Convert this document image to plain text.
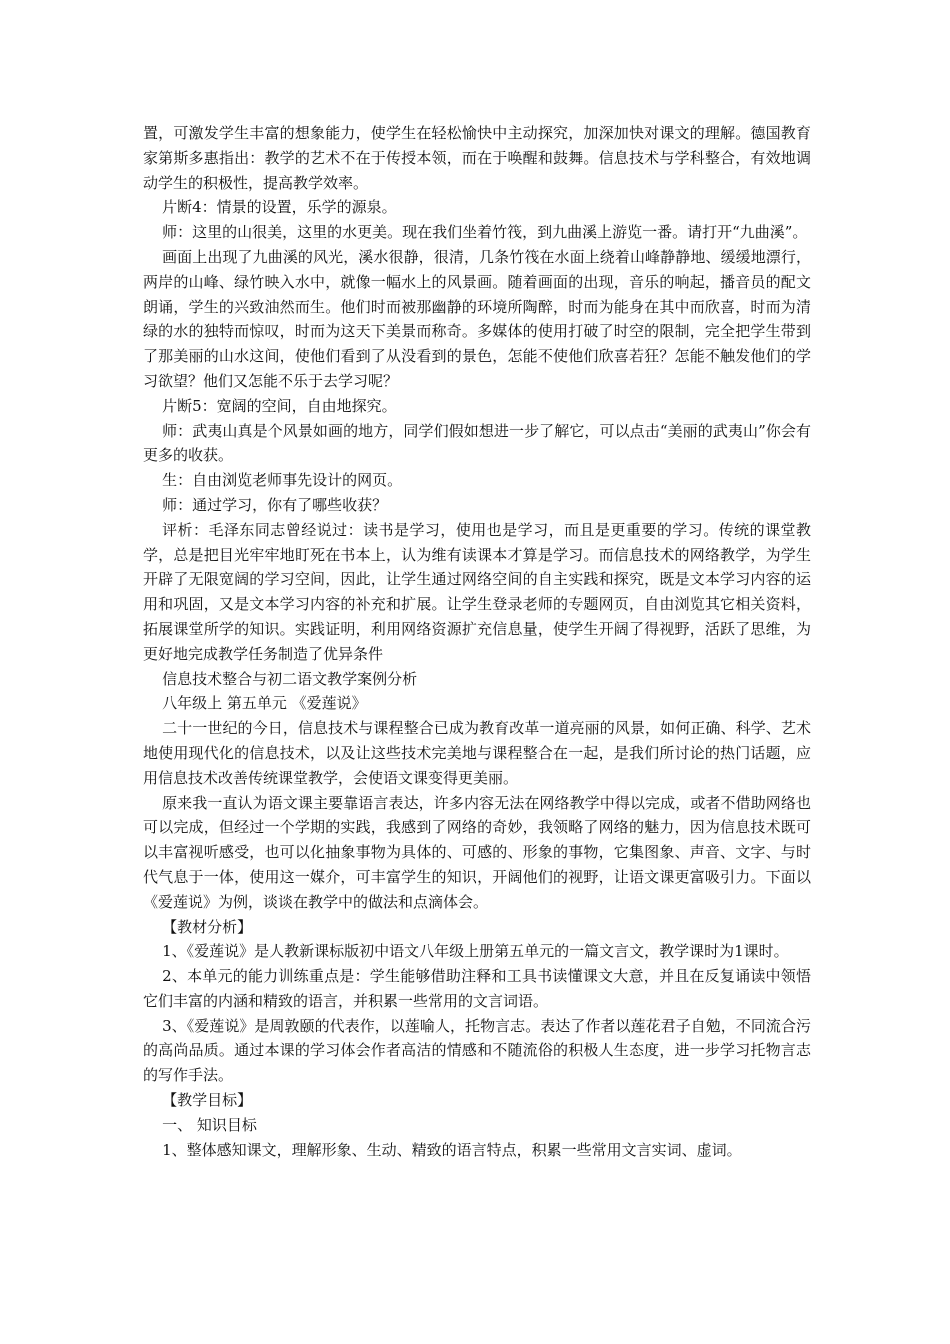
置，可激发学生丰富的想象能力，使学生在轻松愉快中主动探究，加深加快对课文的理解。德国教育家第斯多惠指出：教学的艺术不在于传授本领，而在于唤醒和鼓舞。信息技术与学科整合，有效地调动学生的积极性，提高教学效率。

片断4：情景的设置，乐学的源泉。

师：这里的山很美，这里的水更美。现在我们坐着竹筏，到九曲溪上游览一番。请打开“九曲溪”。

画面上出现了九曲溪的风光，溪水很静，很清，几条竹筏在水面上绕着山峰静静地、缓缓地漂行，两岸的山峰、绿竹映入水中，就像一幅水上的风景画。随着画面的出现，音乐的响起，播音员的配文朗诵，学生的兴致油然而生。他们时而被那幽静的环境所陶醉，时而为能身在其中而欣喜，时而为清绿的水的独特而惊叹，时而为这天下美景而称奇。多媒体的使用打破了时空的限制，完全把学生带到了那美丽的山水这间，使他们看到了从没看到的景色，怎能不使他们欣喜若狂？怎能不触发他们的学习欲望？他们又怎能不乐于去学习呢？

片断5：宽阔的空间，自由地探究。

师：武夷山真是个风景如画的地方，同学们假如想进一步了解它，可以点击“美丽的武夷山”你会有更多的收获。

生：自由浏览老师事先设计的网页。

师：通过学习，你有了哪些收获？

评析：毛泽东同志曾经说过：读书是学习，使用也是学习，而且是更重要的学习。传统的课堂教学，总是把目光牢牢地盯死在书本上，认为维有读课本才算是学习。而信息技术的网络教学，为学生开辟了无限宽阔的学习空间，因此，让学生通过网络空间的自主实践和探究，既是文本学习内容的运用和巩固，又是文本学习内容的补充和扩展。让学生登录老师的专题网页，自由浏览其它相关资料，拓展课堂所学的知识。实践证明，利用网络资源扩充信息量，使学生开阔了得视野，活跃了思维，为更好地完成教学任务制造了优异条件

信息技术整合与初二语文教学案例分析

八年级上 第五单元 《爱莲说》

二十一世纪的今日，信息技术与课程整合已成为教育改革一道亮丽的风景，如何正确、科学、艺术地使用现代化的信息技术，以及让这些技术完美地与课程整合在一起，是我们所讨论的热门话题，应用信息技术改善传统课堂教学，会使语文课变得更美丽。

原来我一直认为语文课主要靠语言表达，许多内容无法在网络教学中得以完成，或者不借助网络也可以完成，但经过一个学期的实践，我感到了网络的奇妙，我领略了网络的魅力，因为信息技术既可以丰富视听感受，也可以化抽象事物为具体的、可感的、形象的事物，它集图象、声音、文字、与时代气息于一体，使用这一媒介，可丰富学生的知识，开阔他们的视野，让语文课更富吸引力。下面以《爱莲说》为例，谈谈在教学中的做法和点滴体会。

【教材分析】

1、《爱莲说》是人教新课标版初中语文八年级上册第五单元的一篇文言文，教学课时为1课时。

2、本单元的能力训练重点是：学生能够借助注释和工具书读懂课文大意，并且在反复诵读中领悟它们丰富的内涵和精致的语言，并积累一些常用的文言词语。

3、《爱莲说》是周敦颐的代表作，以莲喻人，托物言志。表达了作者以莲花君子自勉，不同流合污的高尚品质。通过本课的学习体会作者高洁的情感和不随流俗的积极人生态度，进一步学习托物言志的写作手法。

【教学目标】

一、 知识目标

1、整体感知课文，理解形象、生动、精致的语言特点，积累一些常用文言实词、虚词。
